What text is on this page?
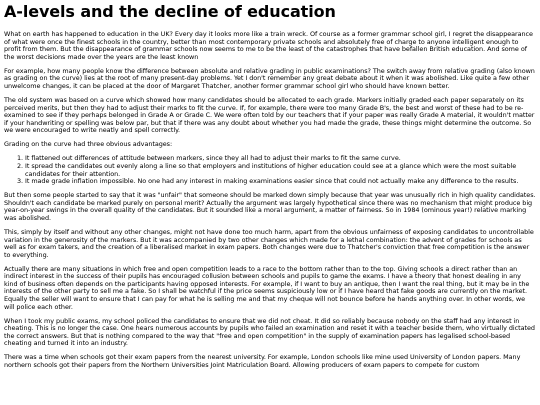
A-levels and the decline of education

What on earth has happened to education in the UK? Every day it looks more like a train wreck. Of course as a former grammar school girl, I regret the disappearance of what were once the finest schools in the country, better than most contemporary private schools and absolutely free of charge to anyone intelligent enough to profit from them. But the disappearance of grammar schools now seems to me to be the least of the catastrophes that have befallen British education. And some of the worst decisions made over the years are the least known

For example, how many people know the difference between absolute and relative grading in public examinations? The switch away from relative grading (also known as grading on the curve) lies at the root of many present-day problems. Yet I don't remember any great debate about it when it was abolished. Like quite a few other unwelcome changes, it can be placed at the door of Margaret Thatcher, another former grammar school girl who should have known better.

The old system was based on a curve which showed how many candidates should be allocated to each grade. Markers initially graded each paper separately on its perceived merits, but then they had to adjust their marks to fit the curve. If, for example, there were too many Grade B's, the best and worst of these had to be re-examined to see if they perhaps belonged in Grade A or Grade C. We were often told by our teachers that if your paper was really Grade A material, it wouldn't matter if your handwriting or spelling was below par, but that if there was any doubt about whether you had made the grade, these things might determine the outcome. So we were encouraged to write neatly and spell correctly.

Grading on the curve had three obvious advantages:

1. It flattened out differences of attitude between markers, since they all had to adjust their marks to fit the same curve.
2. It spread the candidates out evenly along a line so that employers and institutions of higher education could see at a glance which were the most suitable candidates for their attention.
3. It made grade inflation impossible. No one had any interest in making examinations easier since that could not actually make any difference to the results.

But then some people started to say that it was "unfair" that someone should be marked down simply because that year was unusually rich in high quality candidates. Shouldn't each candidate be marked purely on personal merit? Actually the argument was largely hypothetical since there was no mechanism that might produce big year-on-year swings in the overall quality of the candidates. But it sounded like a moral argument, a matter of fairness. So in 1984 (ominous year!) relative marking was abolished.

This, simply by itself and without any other changes, might not have done too much harm, apart from the obvious unfairness of exposing candidates to uncontrollable variation in the generosity of the markers. But it was accompanied by two other changes which made for a lethal combination: the advent of grades for schools as well as for exam takers, and the creation of a liberalised market in exam papers. Both changes were due to Thatcher's conviction that free competition is the answer to everything.

Actually there are many situations in which free and open competition leads to a race to the bottom rather than to the top. Giving schools a direct rather than an indirect interest in the success of their pupils has encouraged collusion between schools and pupils to game the exams. I have a theory that honest dealing in any kind of business often depends on the participants having opposed interests. For example, if I want to buy an antique, then I want the real thing, but it may be in the interests of the other party to sell me a fake. So I shall be watchful if the price seems suspiciously low or if I have heard that fake goods are currently on the market. Equally the seller will want to ensure that I can pay for what he is selling me and that my cheque will not bounce before he hands anything over. In other words, we will police each other.

When I took my public exams, my school policed the candidates to ensure that we did not cheat. It did so reliably because nobody on the staff had any interest in cheating. This is no longer the case. One hears numerous accounts by pupils who failed an examination and reset it with a teacher beside them, who virtually dictated the correct answers. But that is nothing compared to the way that "free and open competition" in the supply of examination papers has legalised school-based cheating and turned it into an industry.

There was a time when schools got their exam papers from the nearest university. For example, London schools like mine used University of London papers. Many northern schools got their papers from the Northern Universities Joint Matriculation Board. Allowing producers of exam papers to compete for custom
